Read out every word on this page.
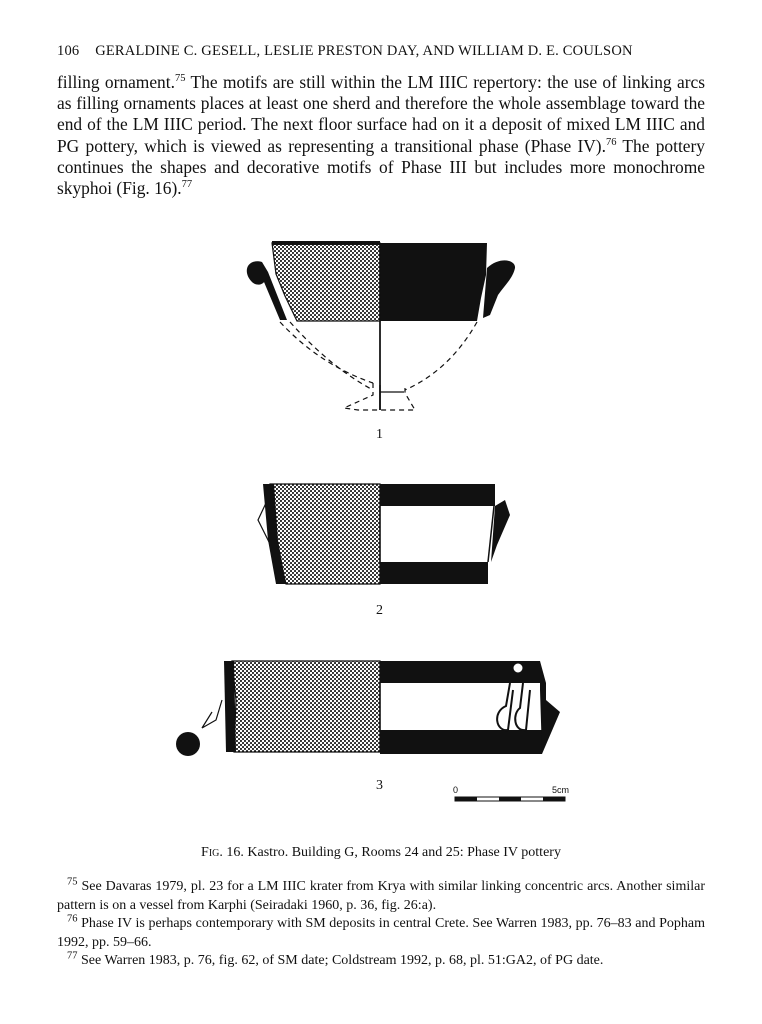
106 GERALDINE C. GESELL, LESLIE PRESTON DAY, AND WILLIAM D. E. COULSON
filling ornament.$^{75}$ The motifs are still within the LM IIIC repertory: the use of linking arcs as filling ornaments places at least one sherd and therefore the whole assemblage toward the end of the LM IIIC period. The next floor surface had on it a deposit of mixed LM IIIC and PG pottery, which is viewed as representing a transitional phase (Phase IV).$^{76}$ The pottery continues the shapes and decorative motifs of Phase III but includes more monochrome skyphoi (Fig. 16).$^{77}$
1
2
3	0	5cm
Fig. 16. Kastro. Building G, Rooms 24 and 25: Phase IV pottery

$^{75}$ See Davaras 1979, pl. 23 for a LM IIIC krater from Krya with similar linking concentric arcs. Another similar pattern is on a vessel from Karphi (Seiradaki 1960, p. 36, fig. 26:a).

$^{76}$ Phase IV is perhaps contemporary with SM deposits in central Crete. See Warren 1983, pp. 76–83 and Popham 1992, pp. 59–66.

$^{77}$ See Warren 1983, p. 76, fig. 62, of SM date; Coldstream 1992, p. 68, pl. 51:GA2, of PG date.
